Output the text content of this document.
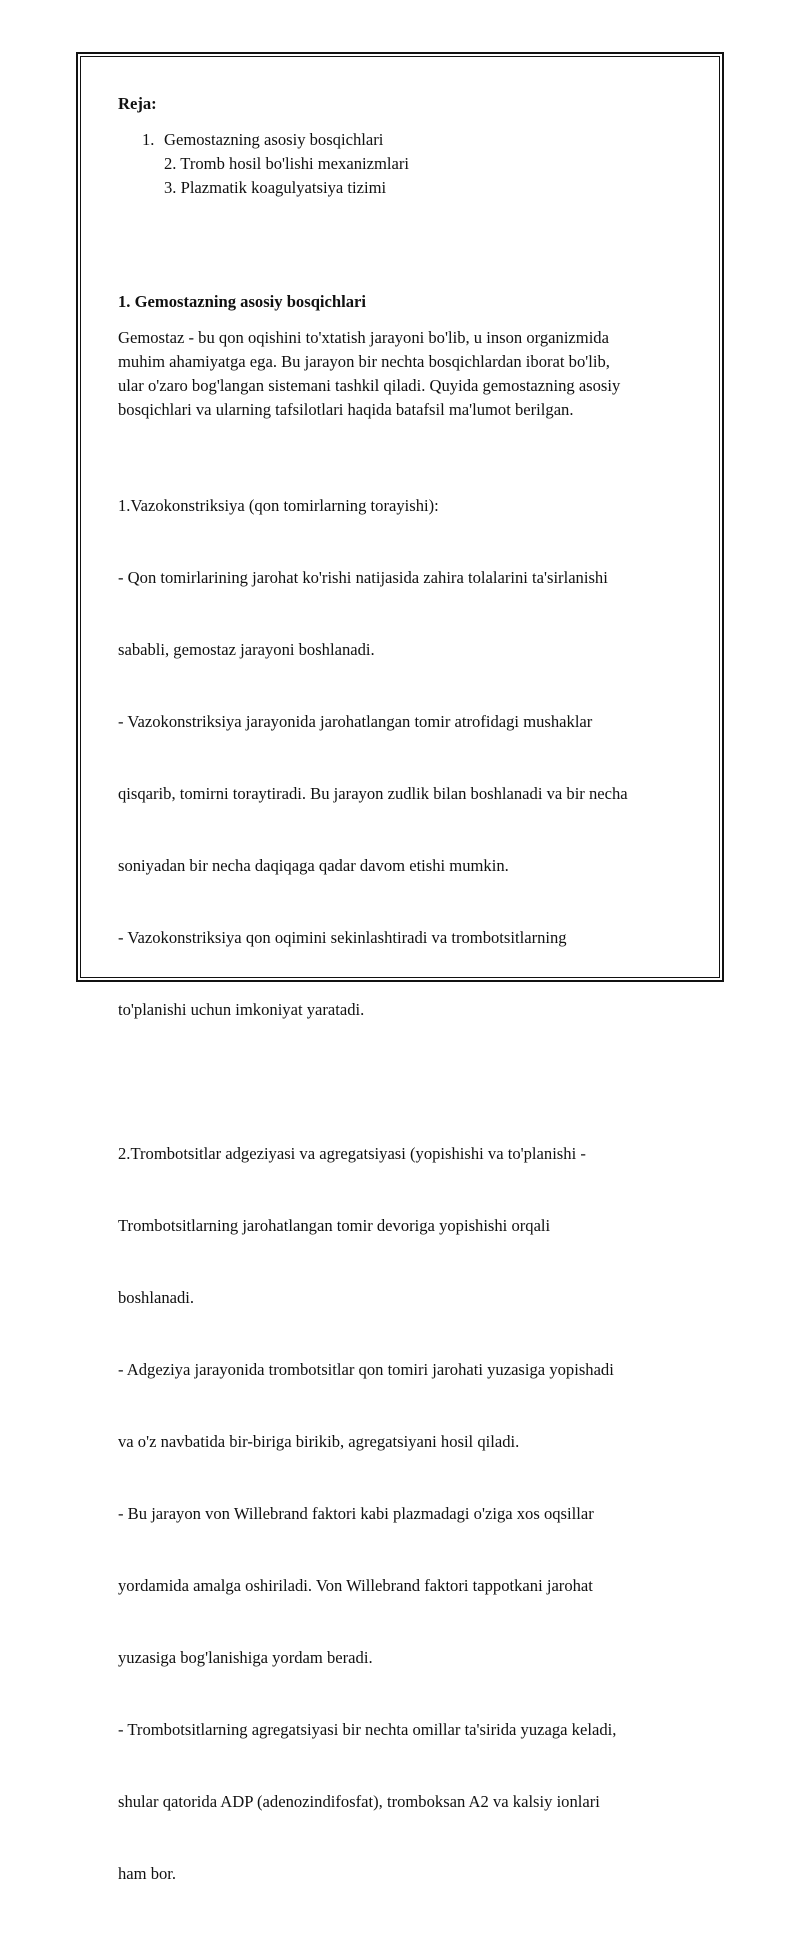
Reja:

1. Gemostazning asosiy bosqichlari
2. Tromb hosil bo'lishi mexanizmlari
3. Plazmatik koagulyatsiya tizimi

1. Gemostazning asosiy bosqichlari

Gemostaz - bu qon oqishini to'xtatish jarayoni bo'lib, u inson organizmida
muhim ahamiyatga ega. Bu jarayon bir nechta bosqichlardan iborat bo'lib,
ular o'zaro bog'langan sistemani tashkil qiladi. Quyida gemostazning asosiy
bosqichlari va ularning tafsilotlari haqida batafsil ma'lumot berilgan.

1.Vazokonstriksiya (qon tomirlarning torayishi):

- Qon tomirlarining jarohat ko'rishi natijasida zahira tolalarini ta'sirlanishi

sababli, gemostaz jarayoni boshlanadi.

- Vazokonstriksiya jarayonida jarohatlangan tomir atrofidagi mushaklar

qisqarib, tomirni toraytiradi. Bu jarayon zudlik bilan boshlanadi va bir necha

soniyadan bir necha daqiqaga qadar davom etishi mumkin.

- Vazokonstriksiya qon oqimini sekinlashtiradi va trombotsitlarning

to'planishi uchun imkoniyat yaratadi.

2.Trombotsitlar adgeziyasi va agregatsiyasi (yopishishi va to'planishi -

Trombotsitlarning jarohatlangan tomir devoriga yopishishi orqali

boshlanadi.

- Adgeziya jarayonida trombotsitlar qon tomiri jarohati yuzasiga yopishadi

va o'z navbatida bir-biriga birikib, agregatsiyani hosil qiladi.

- Bu jarayon von Willebrand faktori kabi plazmadagi o'ziga xos oqsillar

yordamida amalga oshiriladi. Von Willebrand faktori tappotkani jarohat

yuzasiga bog'lanishiga yordam beradi.

- Trombotsitlarning agregatsiyasi bir nechta omillar ta'sirida yuzaga keladi,

shular qatorida ADP (adenozindifosfat), tromboksan A2 va kalsiy ionlari

ham bor.
